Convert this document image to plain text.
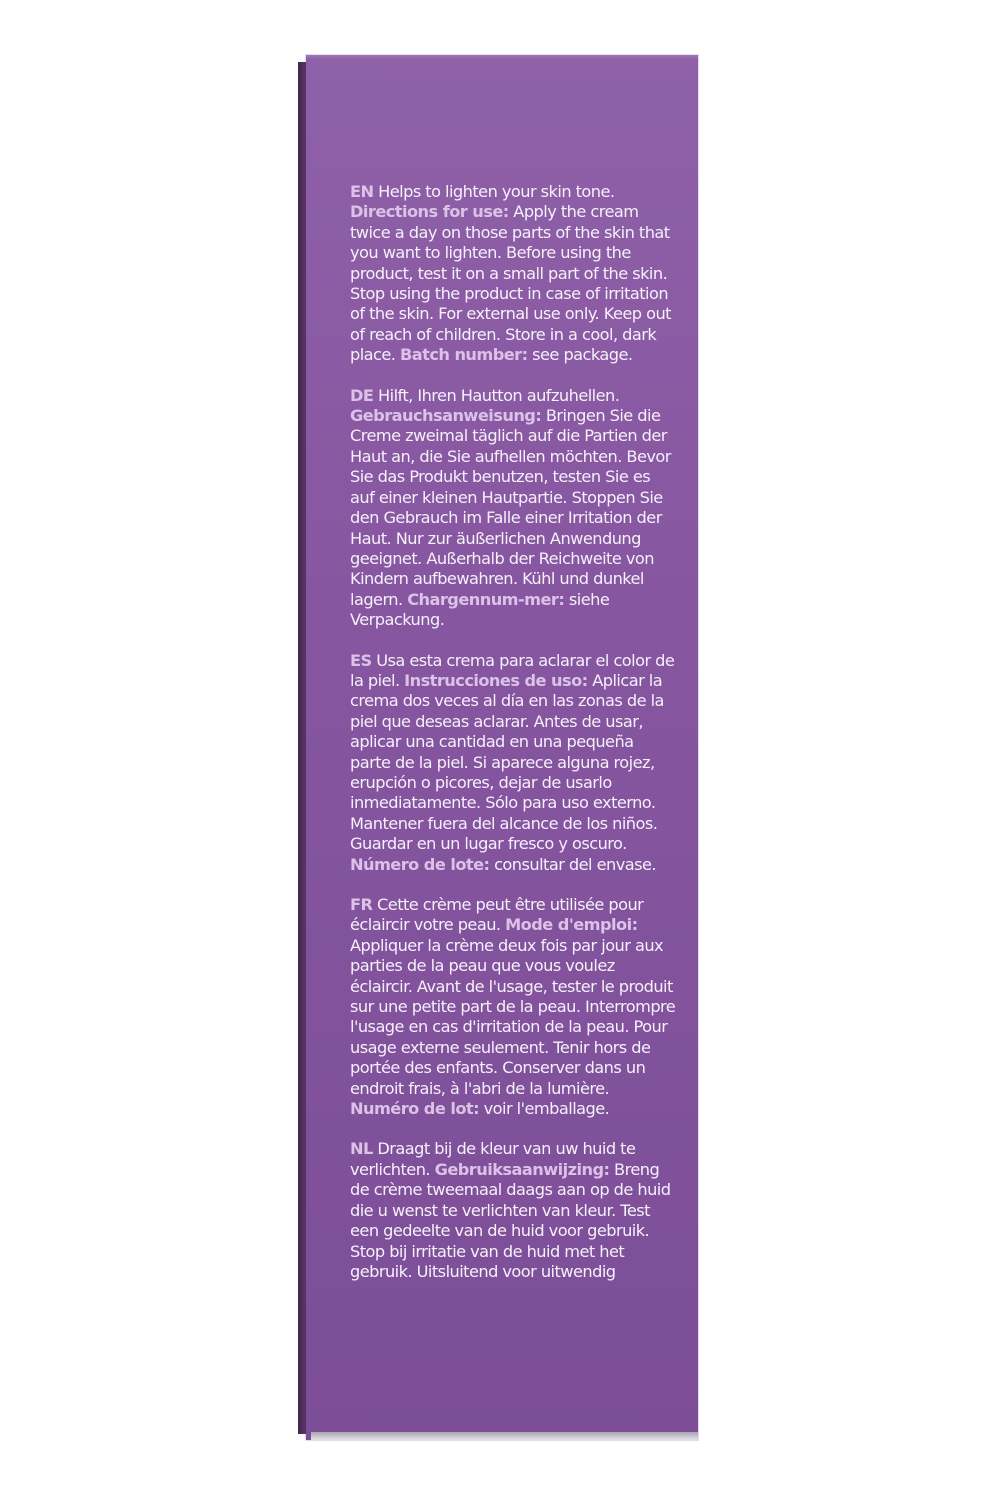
EN Helps to lighten your skin tone. Directions for use: Apply the cream twice a day on those parts of the skin that you want to lighten. Before using the product, test it on a small part of the skin. Stop using the product in case of irritation of the skin. For external use only. Keep out of reach of children. Store in a cool, dark place. Batch number: see package.

DE Hilft, Ihren Hautton aufzuhellen. Gebrauchsanweisung: Bringen Sie die Creme zweimal täglich auf die Partien der Haut an, die Sie aufhellen möchten. Bevor Sie das Produkt benutzen, testen Sie es auf einer kleinen Hautpartie. Stoppen Sie den Gebrauch im Falle einer Irritation der Haut. Nur zur äußerlichen Anwendung geeignet. Außerhalb der Reichweite von Kindern aufbewahren. Kühl und dunkel lagern. Chargennum-mer: siehe Verpackung.

ES Usa esta crema para aclarar el color de la piel. Instrucciones de uso: Aplicar la crema dos veces al día en las zonas de la piel que deseas aclarar. Antes de usar, aplicar una cantidad en una pequeña parte de la piel. Si aparece alguna rojez, erupción o picores, dejar de usarlo inmediatamente. Sólo para uso externo. Mantener fuera del alcance de los niños. Guardar en un lugar fresco y oscuro. Número de lote: consultar del envase.

FR Cette crème peut être utilisée pour éclaircir votre peau. Mode d'emploi: Appliquer la crème deux fois par jour aux parties de la peau que vous voulez éclaircir. Avant de l'usage, tester le produit sur une petite part de la peau. Interrompre l'usage en cas d'irritation de la peau. Pour usage externe seulement. Tenir hors de portée des enfants. Conserver dans un endroit frais, à l'abri de la lumière. Numéro de lot: voir l'emballage.

NL Draagt bij de kleur van uw huid te verlichten. Gebruiksaanwijzing: Breng de crème tweemaal daags aan op de huid die u wenst te verlichten van kleur. Test een gedeelte van de huid voor gebruik. Stop bij irritatie van de huid met het gebruik. Uitsluitend voor uitwendig
